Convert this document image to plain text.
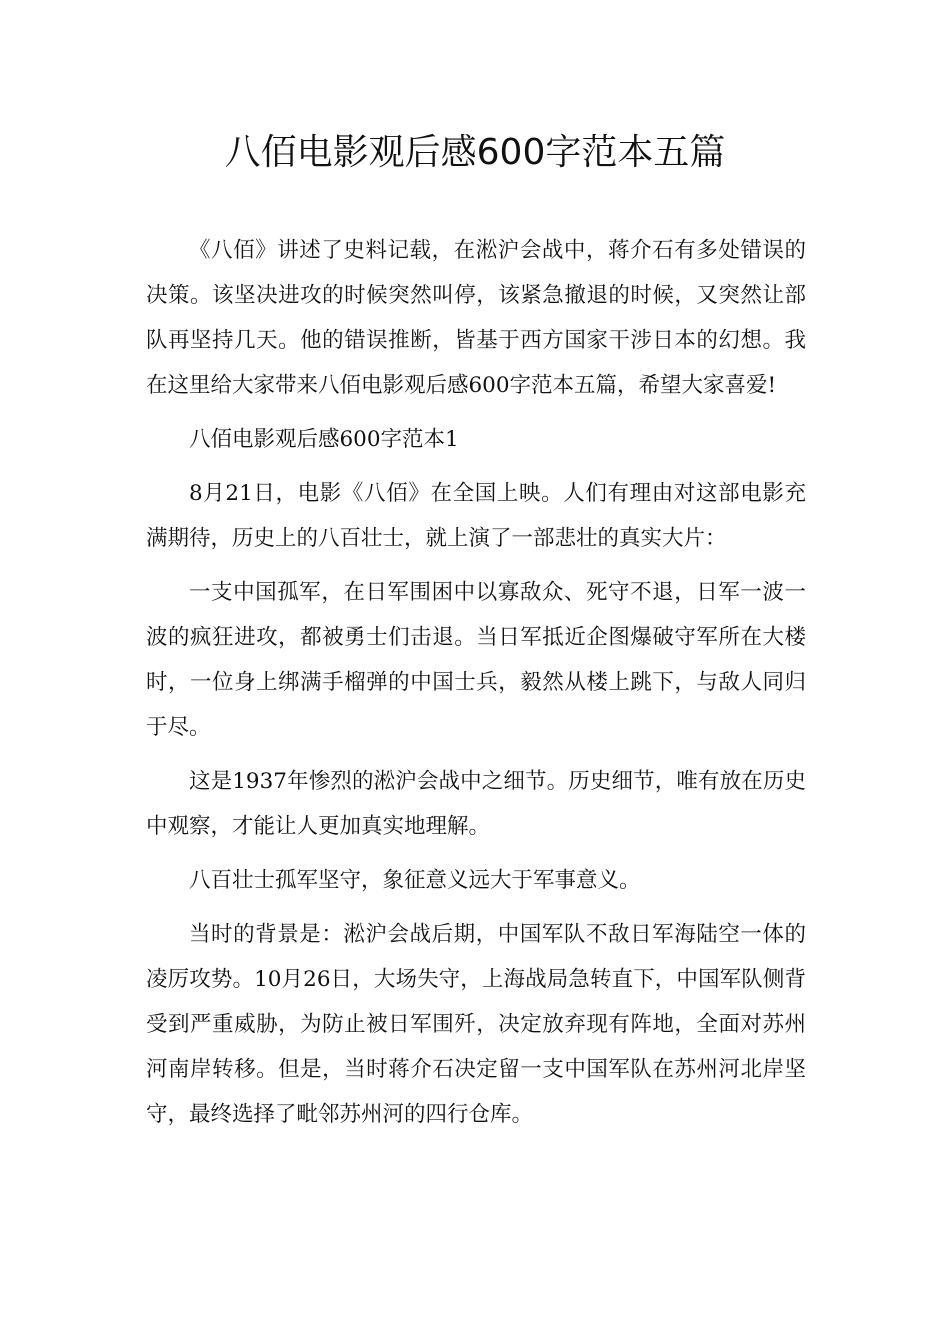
八佰电影观后感600字范本五篇

《八佰》讲述了史料记载，在淞沪会战中，蒋介石有多处错误的决策。该坚决进攻的时候突然叫停，该紧急撤退的时候，又突然让部队再坚持几天。他的错误推断，皆基于西方国家干涉日本的幻想。我在这里给大家带来八佰电影观后感600字范本五篇，希望大家喜爱!

八佰电影观后感600字范本1

8月21日，电影《八佰》在全国上映。人们有理由对这部电影充满期待，历史上的八百壮士，就上演了一部悲壮的真实大片：

一支中国孤军，在日军围困中以寡敌众、死守不退，日军一波一波的疯狂进攻，都被勇士们击退。当日军抵近企图爆破守军所在大楼时，一位身上绑满手榴弹的中国士兵，毅然从楼上跳下，与敌人同归于尽。

这是1937年惨烈的淞沪会战中之细节。历史细节，唯有放在历史中观察，才能让人更加真实地理解。

八百壮士孤军坚守，象征意义远大于军事意义。

当时的背景是：淞沪会战后期，中国军队不敌日军海陆空一体的凌厉攻势。10月26日，大场失守，上海战局急转直下，中国军队侧背受到严重威胁，为防止被日军围歼，决定放弃现有阵地，全面对苏州河南岸转移。但是，当时蒋介石决定留一支中国军队在苏州河北岸坚守，最终选择了毗邻苏州河的四行仓库。
